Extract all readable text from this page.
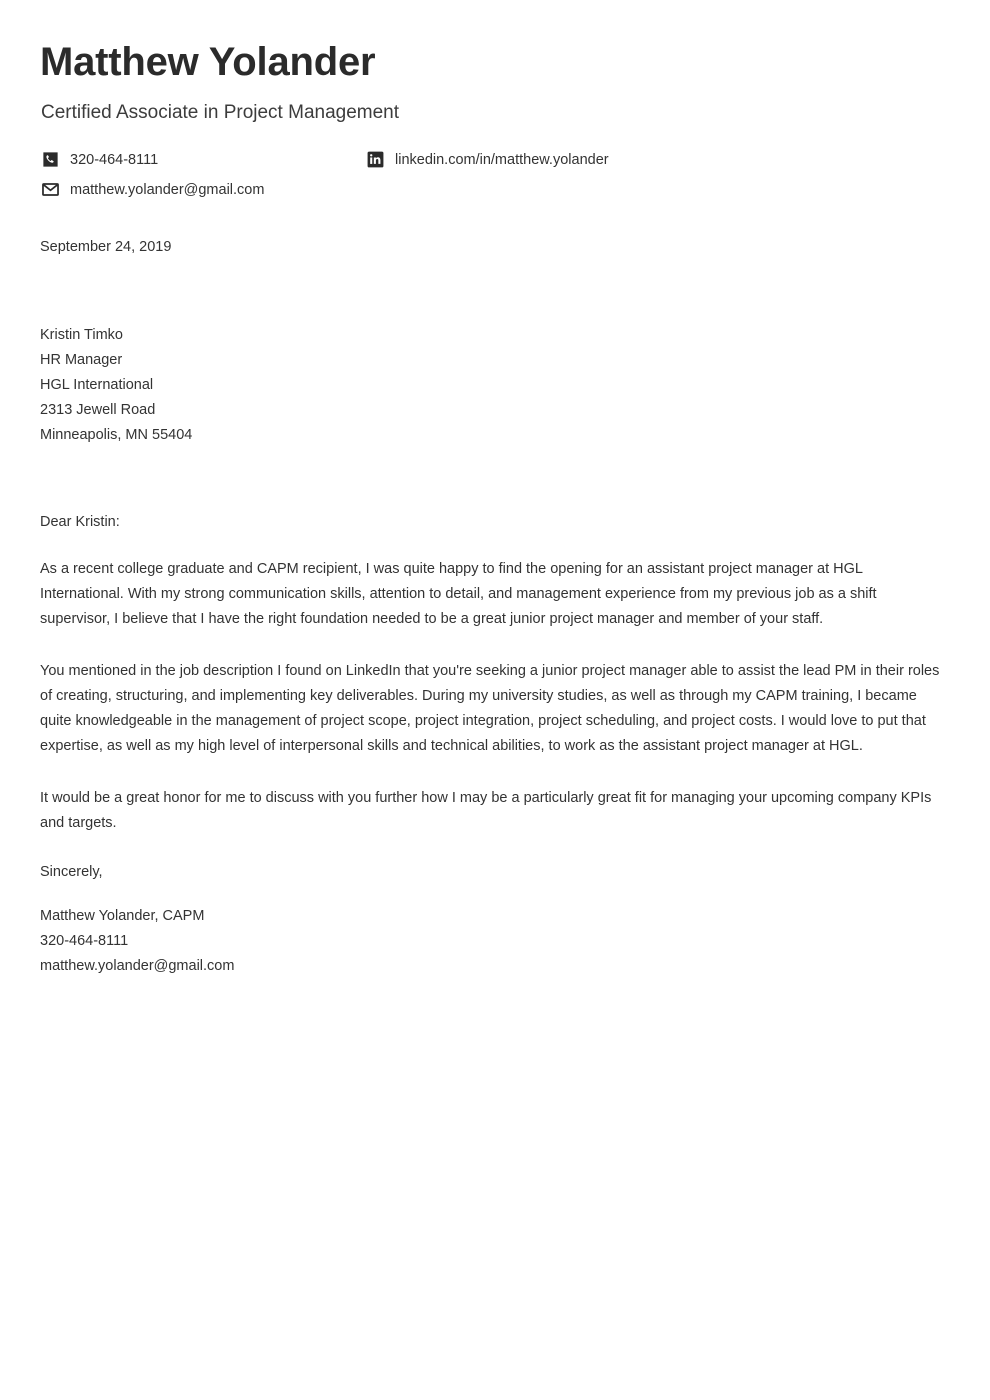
Matthew Yolander
Certified Associate in Project Management
320-464-8111	linkedin.com/in/matthew.yolander
matthew.yolander@gmail.com
September 24, 2019
Kristin Timko
HR Manager
HGL International
2313 Jewell Road
Minneapolis, MN 55404
Dear Kristin:

As a recent college graduate and CAPM recipient, I was quite happy to find the opening for an assistant project manager at HGL International. With my strong communication skills, attention to detail, and management experience from my previous job as a shift supervisor, I believe that I have the right foundation needed to be a great junior project manager and member of your staff.

You mentioned in the job description I found on LinkedIn that you're seeking a junior project manager able to assist the lead PM in their roles of creating, structuring, and implementing key deliverables. During my university studies, as well as through my CAPM training, I became quite knowledgeable in the management of project scope, project integration, project scheduling, and project costs. I would love to put that expertise, as well as my high level of interpersonal skills and technical abilities, to work as the assistant project manager at HGL.

It would be a great honor for me to discuss with you further how I may be a particularly great fit for managing your upcoming company KPIs and targets.

Sincerely,
Matthew Yolander, CAPM
320-464-8111
matthew.yolander@gmail.com
